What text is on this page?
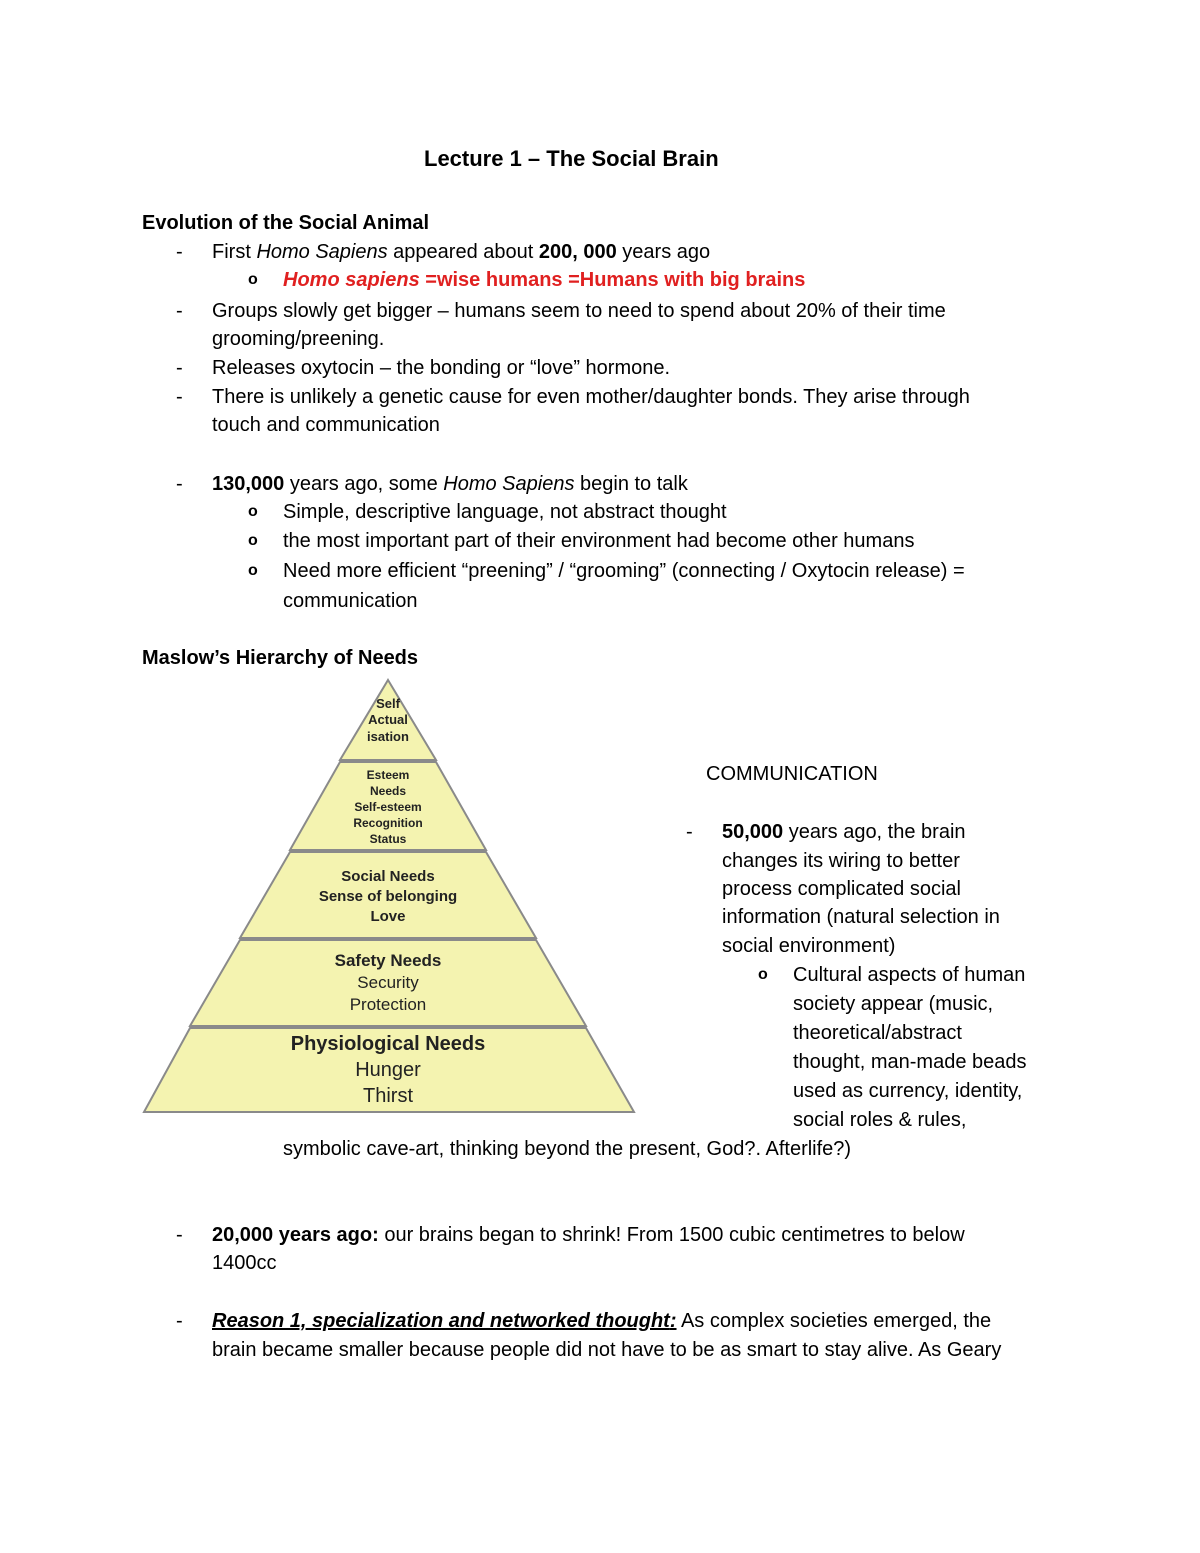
Lecture 1 – The Social Brain
Evolution of the Social Animal
- First Homo Sapiens appeared about 200, 000 years ago
o Homo sapiens =wise humans =Humans with big brains
- Groups slowly get bigger – humans seem to need to spend about 20% of their time
grooming/preening.
- Releases oxytocin – the bonding or “love” hormone.
- There is unlikely a genetic cause for even mother/daughter bonds. They arise through
touch and communication
- 130,000 years ago, some Homo Sapiens begin to talk
o Simple, descriptive language, not abstract thought
o the most important part of their environment had become other humans
o Need more efficient “preening” / “grooming” (connecting / Oxytocin release) =
communication
Maslow’s Hierarchy of Needs
Self
Actual
isation
Esteem
Needs
Self-esteem
Recognition
Status
Social Needs
Sense of belonging
Love
Safety Needs
Security
Protection
Physiological Needs
Hunger
Thirst
COMMUNICATION
- 50,000 years ago, the brain
changes its wiring to better
process complicated social
information (natural selection in
social environment)
o Cultural aspects of human
society appear (music,
theoretical/abstract
thought, man-made beads
used as currency, identity,
social roles & rules,
symbolic cave-art, thinking beyond the present, God?. Afterlife?)
- 20,000 years ago: our brains began to shrink! From 1500 cubic centimetres to below
1400cc
- Reason 1, specialization and networked thought: As complex societies emerged, the
brain became smaller because people did not have to be as smart to stay alive. As Geary
